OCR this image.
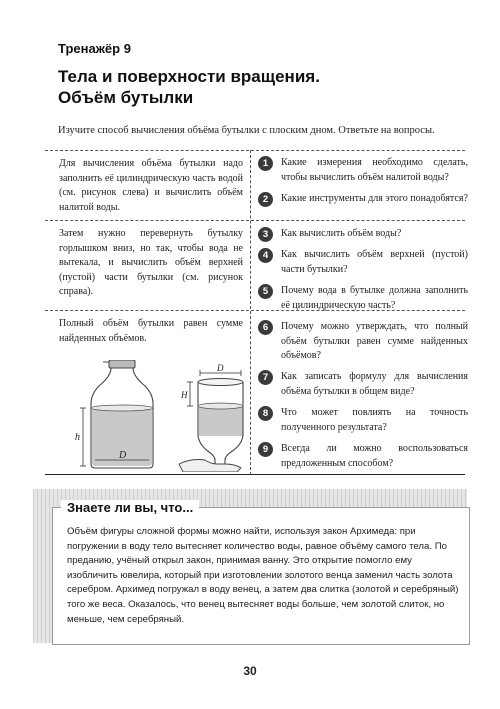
Тренажёр 9
Тела и поверхности вращения.
Объём бутылки
Изучите способ вычисления объёма бутылки с плоским дном. Ответьте на вопросы.
Для вычисления объёма бутылки надо заполнить её цилиндрическую часть водой (см. рисунок слева) и вычислить объём налитой воды.
Затем нужно перевернуть бутылку горлышком вниз, но так, чтобы вода не вытекала, и вычислить объём верхней (пустой) части бутылки (см. рисунок справа).
Полный объём бутылки равен сумме найденных объёмов.
1	Какие измерения необходимо сделать, чтобы вычислить объём налитой воды?
2	Какие инструменты для этого понадобятся?
3	Как вычислить объём воды?
4	Как вычислить объём верхней (пустой) части бутылки?
5	Почему вода в бутылке должна заполнить её цилиндрическую часть?
6	Почему можно утверждать, что полный объём бутылки равен сумме найденных объёмов?
7	Как записать формулу для вычисления объёма бутылки в общем виде?
8	Что может повлиять на точность полученного результата?
9	Всегда ли можно воспользоваться предложенным способом?
h
D
D
H
Знаете ли вы, что...
Объём фигуры сложной формы можно найти, используя закон Архимеда: при погружении в воду тело вытесняет количество воды, равное объёму самого тела. По преданию, учёный открыл закон, принимая ванну. Это открытие помогло ему изобличить ювелира, который при изготовлении золотого венца заменил часть золота серебром. Архимед погружал в воду венец, а затем два слитка (золотой и серебряный) того же веса. Оказалось, что венец вытесняет воды больше, чем золотой слиток, но меньше, чем серебряный.
30
